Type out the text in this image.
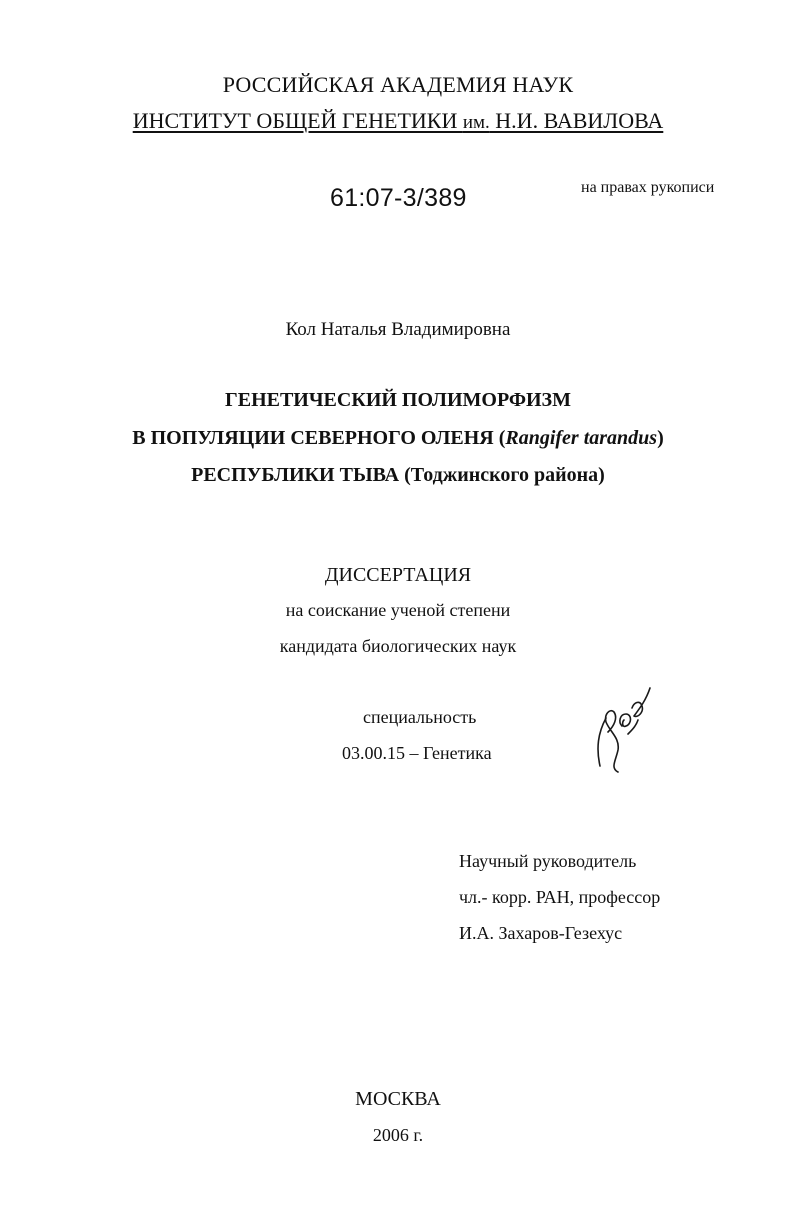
РОССИЙСКАЯ АКАДЕМИЯ НАУК
ИНСТИТУТ ОБЩЕЙ ГЕНЕТИКИ им. Н.И. ВАВИЛОВА
61:07-3/389	на правах рукописи
Кол Наталья Владимировна
ГЕНЕТИЧЕСКИЙ ПОЛИМОРФИЗМ
В ПОПУЛЯЦИИ СЕВЕРНОГО ОЛЕНЯ (Rangifer tarandus)
РЕСПУБЛИКИ ТЫВА (Тоджинского района)
ДИССЕРТАЦИЯ
на соискание ученой степени
кандидата биологических наук
специальность
03.00.15 – Генетика
Научный руководитель
чл.- корр. РАН, профессор
И.А. Захаров-Гезехус
МОСКВА
2006 г.
